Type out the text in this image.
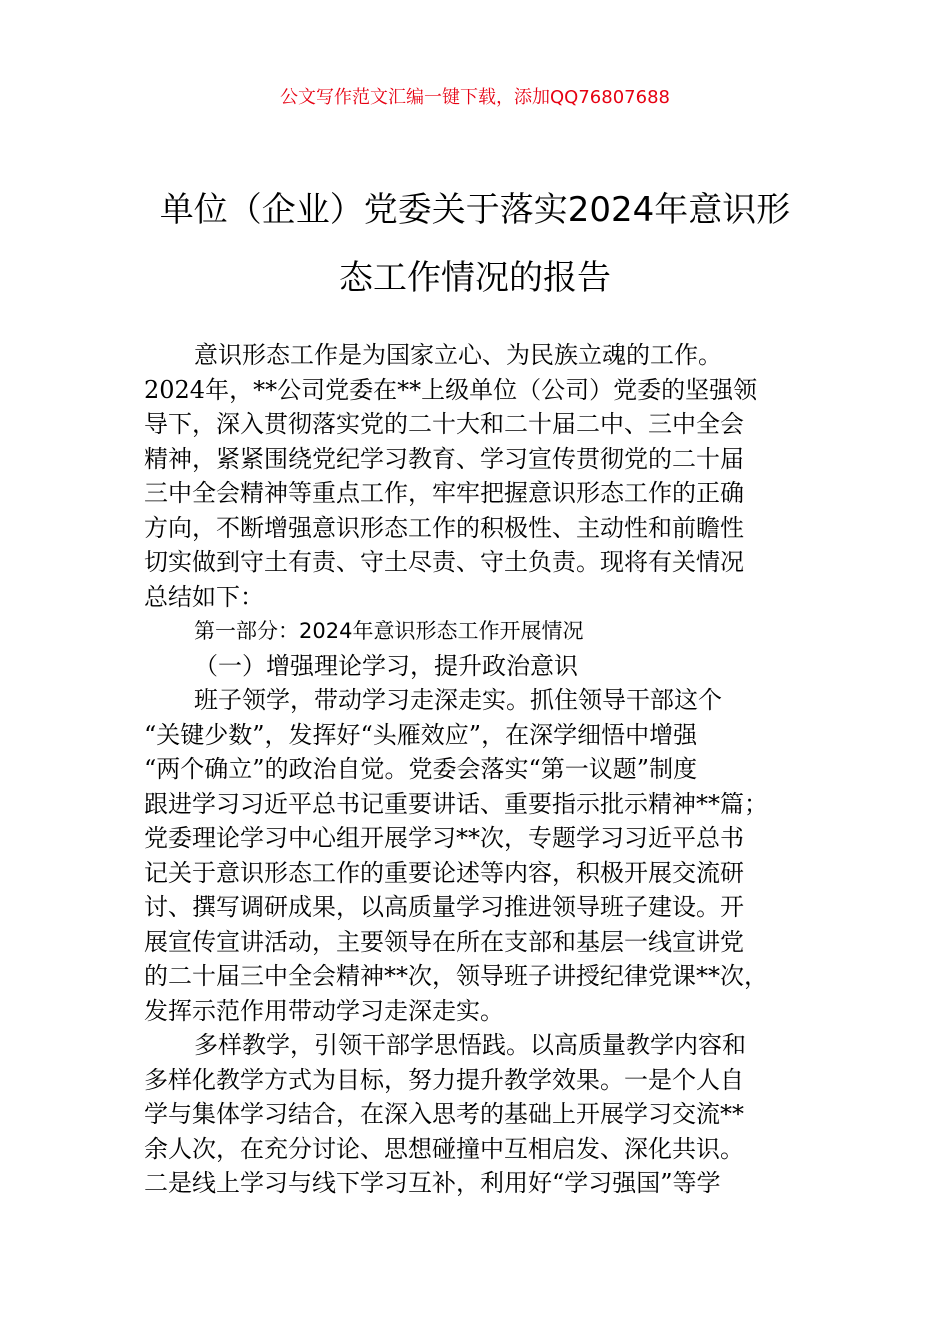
公文写作范文汇编一键下载，添加QQ76807688
单位（企业）党委关于落实2024年意识形
态工作情况的报告
意识形态工作是为国家立心、为民族立魂的工作。
2024年，**公司党委在**上级单位（公司）党委的坚强领
导下，深入贯彻落实党的二十大和二十届二中、三中全会
精神，紧紧围绕党纪学习教育、学习宣传贯彻党的二十届
三中全会精神等重点工作，牢牢把握意识形态工作的正确
方向，不断增强意识形态工作的积极性、主动性和前瞻性
切实做到守土有责、守土尽责、守土负责。现将有关情况
总结如下：
第一部分：2024年意识形态工作开展情况
（一）增强理论学习，提升政治意识
班子领学，带动学习走深走实。抓住领导干部这个
“关键少数”，发挥好“头雁效应”，在深学细悟中增强
“两个确立”的政治自觉。党委会落实“第一议题”制度
跟进学习习近平总书记重要讲话、重要指示批示精神**篇；
党委理论学习中心组开展学习**次，专题学习习近平总书
记关于意识形态工作的重要论述等内容，积极开展交流研
讨、撰写调研成果，以高质量学习推进领导班子建设。开
展宣传宣讲活动，主要领导在所在支部和基层一线宣讲党
的二十届三中全会精神**次，领导班子讲授纪律党课**次，
发挥示范作用带动学习走深走实。
多样教学，引领干部学思悟践。以高质量教学内容和
多样化教学方式为目标，努力提升教学效果。一是个人自
学与集体学习结合，在深入思考的基础上开展学习交流**
余人次，在充分讨论、思想碰撞中互相启发、深化共识。
二是线上学习与线下学习互补，利用好“学习强国”等学
